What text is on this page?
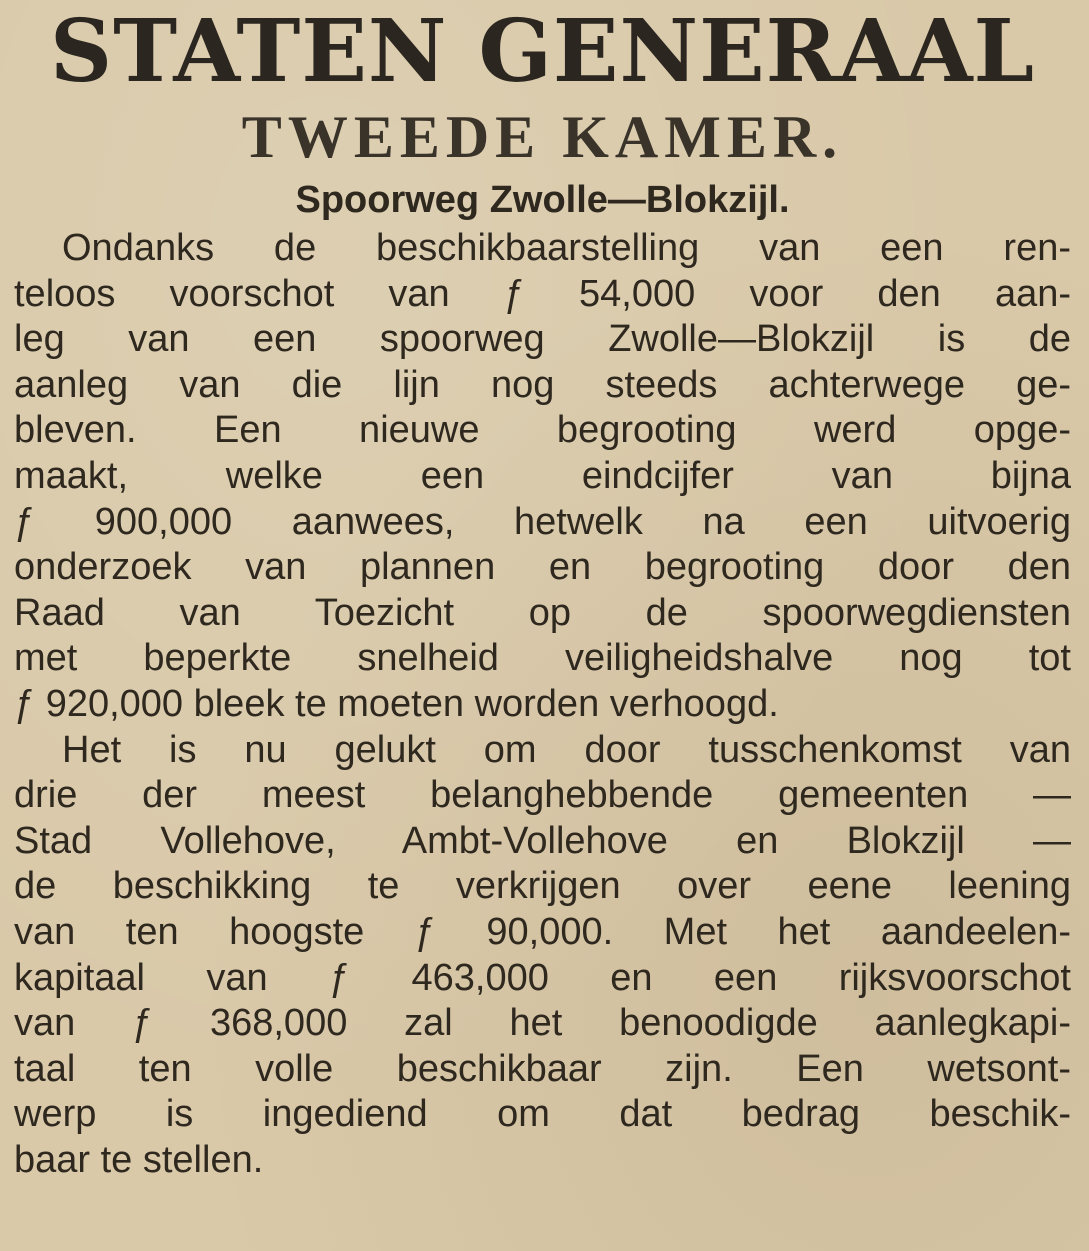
STATEN GENERAAL
TWEEDE KAMER.
Spoorweg Zwolle—Blokzijl.
Ondanks de beschikbaarstelling van een ren-
teloos voorschot van ƒ 54,000 voor den aan-
leg van een spoorweg Zwolle—Blokzijl is de
aanleg van die lijn nog steeds achterwege ge-
bleven. Een nieuwe begrooting werd opge-
maakt, welke een eindcijfer van bijna
ƒ 900,000 aanwees, hetwelk na een uitvoerig
onderzoek van plannen en begrooting door den
Raad van Toezicht op de spoorwegdiensten
met beperkte snelheid veiligheidshalve nog tot
ƒ 920,000 bleek te moeten worden verhoogd.
Het is nu gelukt om door tusschenkomst van
drie der meest belanghebbende gemeenten —
Stad Vollehove, Ambt-Vollehove en Blokzijl —
de beschikking te verkrijgen over eene leening
van ten hoogste ƒ 90,000. Met het aandeelen-
kapitaal van ƒ 463,000 en een rijksvoorschot
van ƒ 368,000 zal het benoodigde aanlegkapi-
taal ten volle beschikbaar zijn. Een wetsont-
werp is ingediend om dat bedrag beschik-
baar te stellen.
